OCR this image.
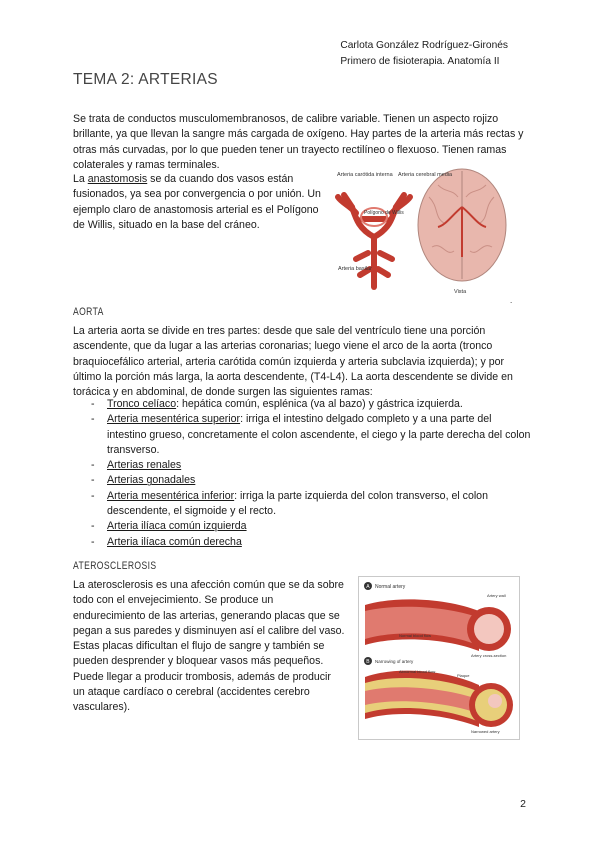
Carlota González Rodríguez-Gironés
Primero de fisioterapia. Anatomía II
TEMA 2: ARTERIAS

Se trata de conductos musculomembranosos, de calibre variable. Tienen un aspecto rojizo brillante, ya que llevan la sangre más cargada de oxígeno. Hay partes de la arteria más rectas y otras más curvadas, por lo que pueden tener un trayecto rectilíneo o flexuoso. Tienen ramas colaterales y ramas terminales.

La anastomosis se da cuando dos vasos están fusionados, ya sea por convergencia o por unión. Un ejemplo claro de anastomosis arterial es el Polígono de Willis, situado en la base del cráneo.

Arteria carótida interna Arteria cerebral media
Polígono de Willis
Arteria basilar
Vista
.
AORTA

La arteria aorta se divide en tres partes: desde que sale del ventrículo tiene una porción ascendente, que da lugar a las arterias coronarias; luego viene el arco de la aorta (tronco braquiocefálico arterial, arteria carótida común izquierda y arteria subclavia izquierda); y por último la porción más larga, la aorta descendente, (T4-L4). La aorta descendente se divide en torácica y en abdominal, de donde surgen las siguientes ramas:

- Tronco celíaco: hepática común, esplénica (va al bazo) y gástrica izquierda.
- Arteria mesentérica superior: irriga el intestino delgado completo y a una parte del intestino grueso, concretamente el colon ascendente, el ciego y la parte derecha del colon transverso.
- Arterias renales
- Arterias gonadales
- Arteria mesentérica inferior: irriga la parte izquierda del colon transverso, el colon descendente, el sigmoide y el recto.
- Arteria ilíaca común izquierda
- Arteria ilíaca común derecha
ATEROSCLEROSIS

La aterosclerosis es una afección común que se da sobre todo con el envejecimiento. Se produce un endurecimiento de las arterias, generando placas que se pegan a sus paredes y disminuyen así el calibre del vaso. Estas placas dificultan el flujo de sangre y también se pueden desprender y bloquear vasos más pequeños. Puede llegar a producir trombosis, además de producir un ataque cardíaco o cerebral (accidentes cerebro vasculares).

A Normal artery
Artery wall
Normal blood flow
Artery cross-section
B Narrowing of artery
Abnormal blood flow
Plaque
Narrowed artery
2
